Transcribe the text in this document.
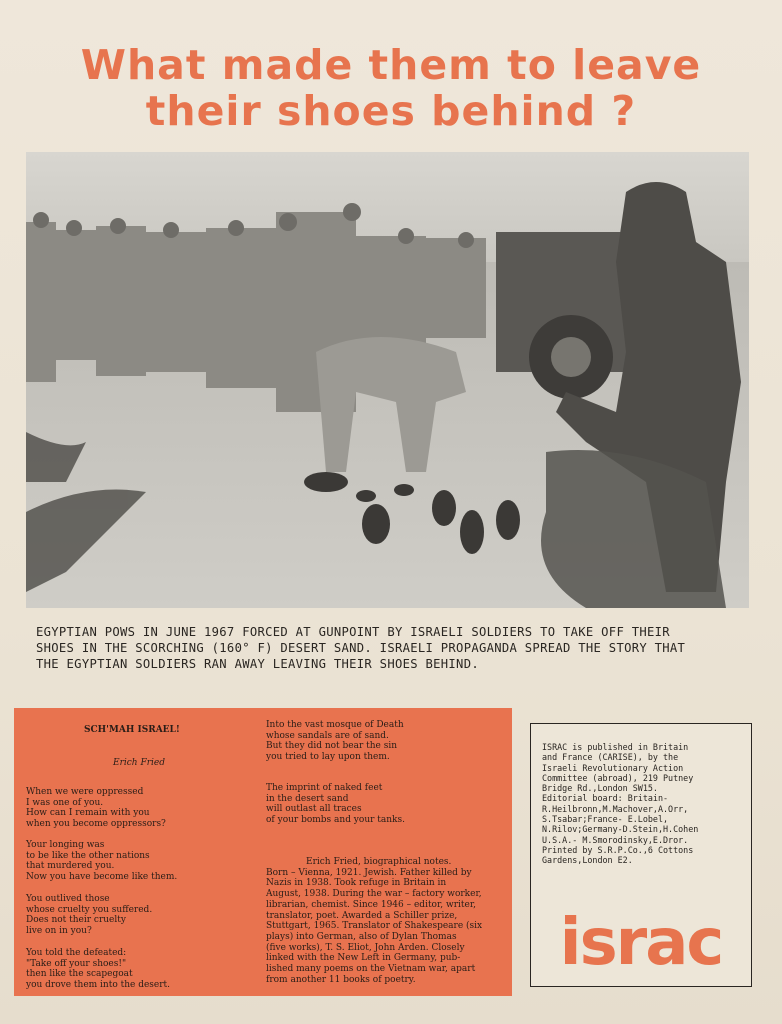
What made them to leave
their shoes behind ?
EGYPTIAN POWS IN JUNE 1967 FORCED AT GUNPOINT BY ISRAELI SOLDIERS TO TAKE OFF THEIR
SHOES IN THE SCORCHING (160° F) DESERT SAND. ISRAELI PROPAGANDA SPREAD THE STORY THAT
THE EGYPTIAN SOLDIERS RAN AWAY LEAVING THEIR SHOES BEHIND.
SCH'MAH ISRAEL!
Erich Fried
When we were oppressed
I was one of you.
How can I remain with you
when you become oppressors?
Your longing was
to be like the other nations
that murdered you.
Now you have become like them.
You outlived those
whose cruelty you suffered.
Does not their cruelty
live on in you?
You told the defeated:
"Take off your shoes!"
then like the scapegoat
you drove them into the desert.
Into the vast mosque of Death
whose sandals are of sand.
But they did not bear the sin
you tried to lay upon them.
The imprint of naked feet
in the desert sand
will outlast all traces
of your bombs and your tanks.
Erich Fried, biographical notes.
Born – Vienna, 1921. Jewish. Father killed by
Nazis in 1938. Took refuge in Britain in
August, 1938. During the war – factory worker,
librarian, chemist. Since 1946 – editor, writer,
translator, poet. Awarded a Schiller prize,
Stuttgart, 1965. Translator of Shakespeare (six
plays) into German, also of Dylan Thomas
(five works), T. S. Eliot, John Arden. Closely
linked with the New Left in Germany, pub-
lished many poems on the Vietnam war, apart
from another 11 books of poetry.
ISRAC is published in Britain
and France (CARISE), by the
Israeli Revolutionary Action
Committee (abroad), 219 Putney
Bridge Rd.,London SW15.
Editorial board: Britain-
R.Heilbronn,M.Machover,A.Orr,
S.Tsabar;France- E.Lobel,
N.Rilov;Germany-D.Stein,H.Cohen
U.S.A.- M.Smorodinsky,E.Dror.
Printed by S.R.P.Co.,6 Cottons
Gardens,London E2.
israc
